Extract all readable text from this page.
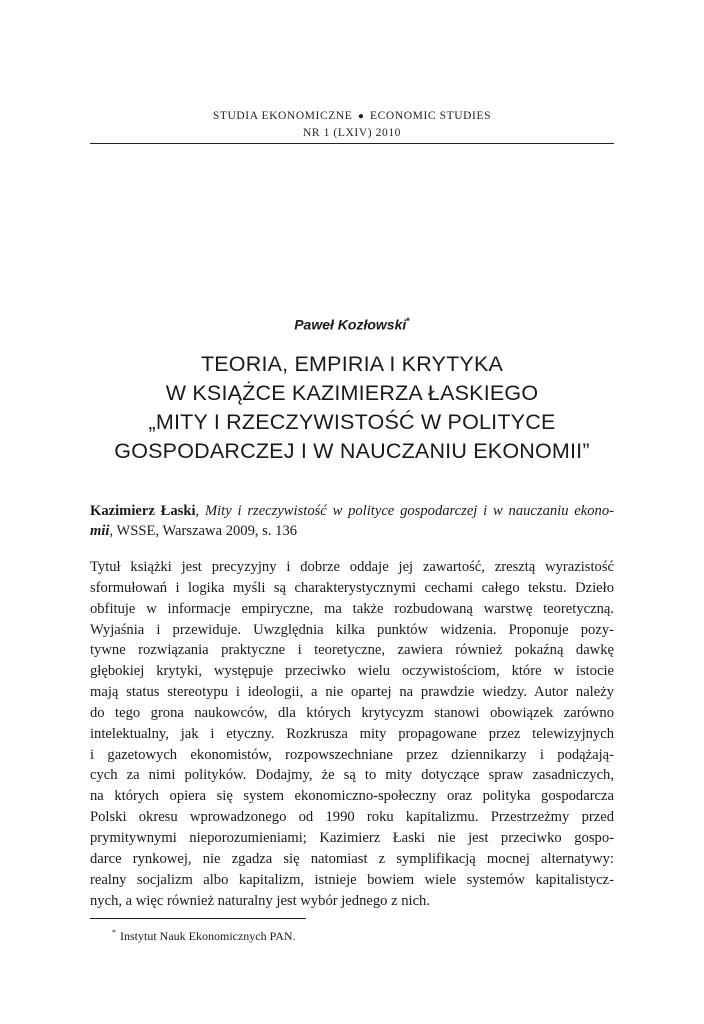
STUDIA EKONOMICZNE ● ECONOMIC STUDIES
NR 1 (LXIV) 2010
Paweł Kozłowski*
TEORIA, EMPIRIA I KRYTYKA
W KSIĄŻCE KAZIMIERZA ŁASKIEGO
„MITY I RZECZYWISTOŚĆ W POLITYCE
GOSPODARCZEJ I W NAUCZANIU EKONOMII”
Kazimierz Łaski, Mity i rzeczywistość w polityce gospodarczej i w nauczaniu ekono-
mii, WSSE, Warszawa 2009, s. 136
Tytuł książki jest precyzyjny i dobrze oddaje jej zawartość, zresztą wyrazistość
sformułowań i logika myśli są charakterystycznymi cechami całego tekstu. Dzieło
obfituje w informacje empiryczne, ma także rozbudowaną warstwę teoretyczną.
Wyjaśnia i przewiduje. Uwzględnia kilka punktów widzenia. Proponuje pozy-
tywne rozwiązania praktyczne i teoretyczne, zawiera również pokaźną dawkę
głębokiej krytyki, występuje przeciwko wielu oczywistościom, które w istocie
mają status stereotypu i ideologii, a nie opartej na prawdzie wiedzy. Autor należy
do tego grona naukowców, dla których krytycyzm stanowi obowiązek zarówno
intelektualny, jak i etyczny. Rozkrusza mity propagowane przez telewizyjnych
i gazetowych ekonomistów, rozpowszechniane przez dziennikarzy i podążają-
cych za nimi polityków. Dodajmy, że są to mity dotyczące spraw zasadniczych,
na których opiera się system ekonomiczno-społeczny oraz polityka gospodarcza
Polski okresu wprowadzonego od 1990 roku kapitalizmu. Przestrzeżmy przed
prymitywnymi nieporozumieniami; Kazimierz Łaski nie jest przeciwko gospo-
darce rynkowej, nie zgadza się natomiast z symplifikacją mocnej alternatywy:
realny socjalizm albo kapitalizm, istnieje bowiem wiele systemów kapitalistycz-
nych, a więc również naturalny jest wybór jednego z nich.
* Instytut Nauk Ekonomicznych PAN.
